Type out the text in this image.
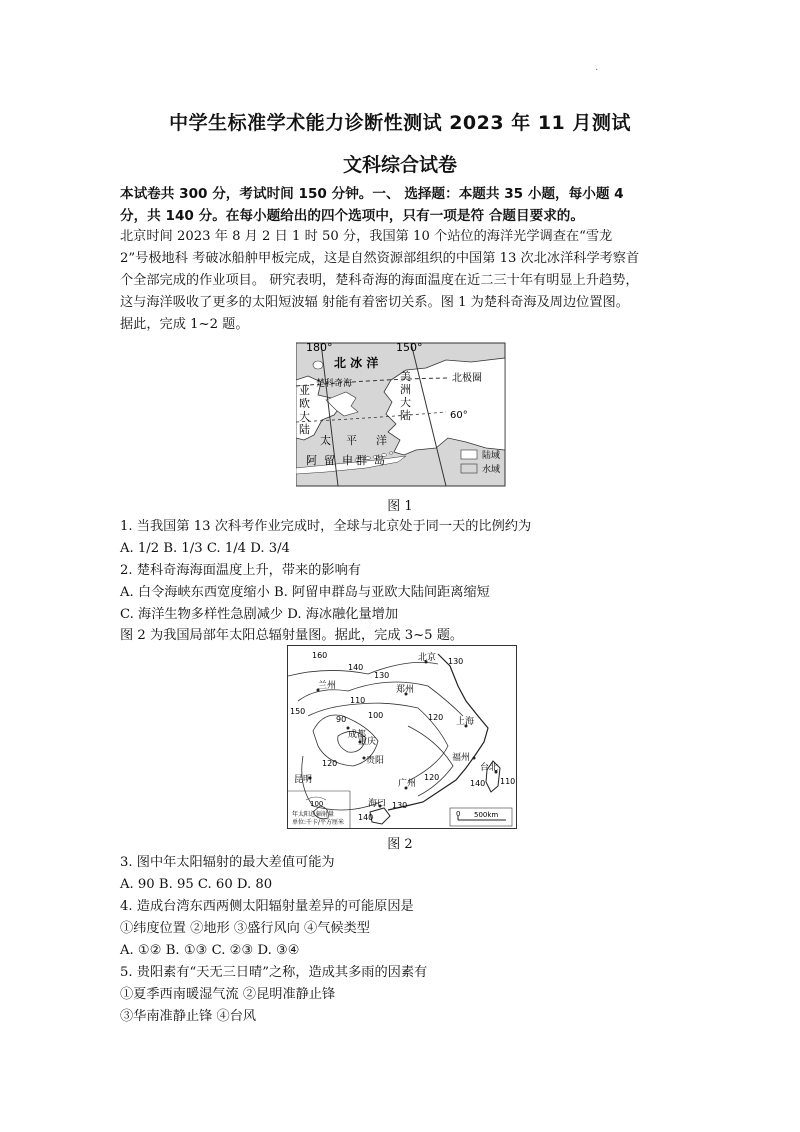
.
中学生标准学术能力诊断性测试 2023 年 11 月测试
文科综合试卷
本试卷共 300 分，考试时间 150 分钟。一、 选择题：本题共 35 小题，每小题 4
分，共 140 分。在每小题给出的四个选项中，只有一项是符 合题目要求的。
北京时间 2023 年 8 月 2 日 1 时 50 分，我国第 10 个站位的海洋光学调查在“雪龙
2”号极地科 考破冰船舯甲板完成，这是自然资源部组织的中国第 13 次北冰洋科学考察首
个全部完成的作业项目。 研究表明，楚科奇海的海面温度在近二三十年有明显上升趋势，
这与海洋吸收了更多的太阳短波辐 射能有着密切关系。图 1 为楚科奇海及周边位置图。
据此，完成 1~2 题。
陆域
水域
180°	150°
北 冰 洋
楚科奇海
亚
欧
大
陆
美
洲
大
陆
北极圈
60°
太 平 洋
阿 留 申 群 岛
图 1
1. 当我国第 13 次科考作业完成时，全球与北京处于同一天的比例约为
A. 1/2 B. 1/3 C. 1/4 D. 3/4
2. 楚科奇海海面温度上升，带来的影响有
A. 白令海峡东西宽度缩小 B. 阿留申群岛与亚欧大陆间距离缩短
C. 海洋生物多样性急剧减少 D. 海冰融化量增加
图 2 为我国局部年太阳总辐射量图。据此，完成 3~5 题。
100
年太阳总辐射量
单位:千卡/平方厘米
0 500km
北京
兰州	郑州
成都
重庆
贵阳
上海
福州
台北
昆明	广州
海口
160
140
130
130
150
110
100
90	120
120
120
140 110
130
140
图 2
3. 图中年太阳辐射的最大差值可能为
A. 90 B. 95 C. 60 D. 80
4. 造成台湾东西两侧太阳辐射量差异的可能原因是
①纬度位置 ②地形 ③盛行风向 ④气候类型
A. ①② B. ①③ C. ②③ D. ③④
5. 贵阳素有“天无三日晴”之称，造成其多雨的因素有
①夏季西南暖湿气流 ②昆明准静止锋
③华南准静止锋 ④台风
